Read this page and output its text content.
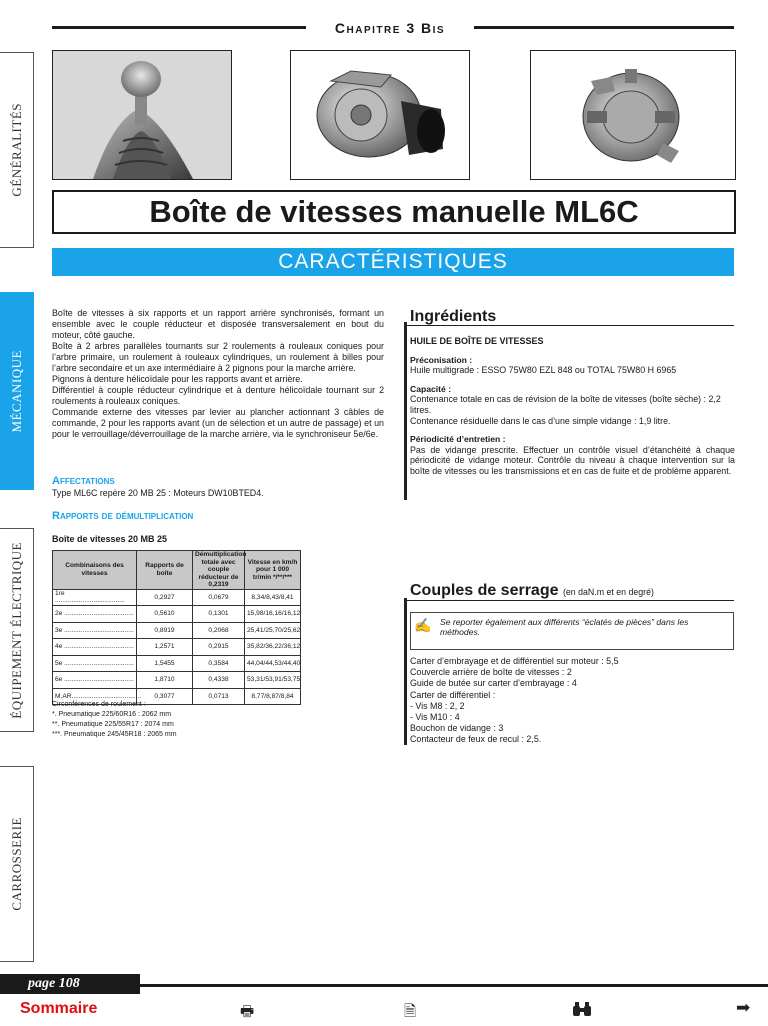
Chapitre 3 Bis
Boîte de vitesses manuelle ML6C
CARACTÉRISTIQUES
GÉNÉRALITÉS
MÉCANIQUE
ÉQUIPEMENT ÉLECTRIQUE
CARROSSERIE

Boîte de vitesses à six rapports et un rapport arrière synchronisés, formant un ensemble avec le couple réducteur et disposée transversalement en bout du moteur, côté gauche.

Boîte à 2 arbres parallèles tournants sur 2 roulements à rouleaux coniques pour l’arbre primaire, un roulement à rouleaux cylindriques, un roulement à billes pour l’arbre secondaire et un axe intermédiaire à 2 pignons pour la marche arrière.

Pignons à denture hélicoïdale pour les rapports avant et arrière.

Différentiel à couple réducteur cylindrique et à denture hélicoïdale tournant sur 2 roulements à rouleaux coniques.

Commande externe des vitesses par levier au plancher actionnant 3 câbles de commande, 2 pour les rapports avant (un de sélection et un autre de passage) et un pour le verrouillage/déverrouillage de la marche arrière, via le synchroniseur 5e/6e.

Affectations
Type ML6C repère 20 MB 25 : Moteurs DW10BTED4.
Rapports de démultiplication
Boîte de vitesses 20 MB 25
Combinaisons des vitesses	Rapports de boîte	Démultiplication totale avec couple réducteur de 0,2319	Vitesse en km/h pour 1 000 tr/min */**/***
1re ......................................	0,2927	0,0679	8,34/8,43/8,41
2e ......................................	0,5610	0,1301	15,98/16,16/16,12
3e ......................................	0,8919	0,2068	25,41/25,70/25,62
4e ......................................	1,2571	0,2915	35,82/36,22/36,12
5e ......................................	1,5455	0,3584	44,04/44,53/44,40
6e ......................................	1,8710	0,4338	53,31/53,91/53,75
M.AR......................................	0,3077	0,0713	8,77/8,87/8,84
Circonférences de roulement :
*. Pneumatique 225/60R16 : 2062 mm
**. Pneumatique 225/55R17 : 2074 mm
***. Pneumatique 245/45R18 : 2065 mm
Ingrédients

HUILE DE BOÎTE DE VITESSES

Préconisation :

Huile multigrade : ESSO 75W80 EZL 848 ou TOTAL 75W80 H 6965

Capacité :

Contenance totale en cas de révision de la boîte de vitesses (boîte sèche) : 2,2 litres.

Contenance résiduelle dans le cas d’une simple vidange : 1,9 litre.

Périodicité d’entretien :

Pas de vidange prescrite. Effectuer un contrôle visuel d’étanchéité à chaque périodicité de vidange moteur. Contrôle du niveau à chaque intervention sur la boîte de vitesses ou les transmissions et en cas de fuite et de problème apparent.

Couples de serrage (en daN.m et en degré)
✍ Se reporter également aux différents “éclatés de pièces” dans les méthodes.
Carter d’embrayage et de différentiel sur moteur : 5,5
Couvercle arrière de boîte de vitesses : 2
Guide de butée sur carter d’embrayage : 4
Carter de différentiel :
- Vis M8 : 2, 2
- Vis M10 : 4
Bouchon de vidange : 3
Contacteur de feux de recul : 2,5.
page 108
Sommaire	🖶	🗎	➡
